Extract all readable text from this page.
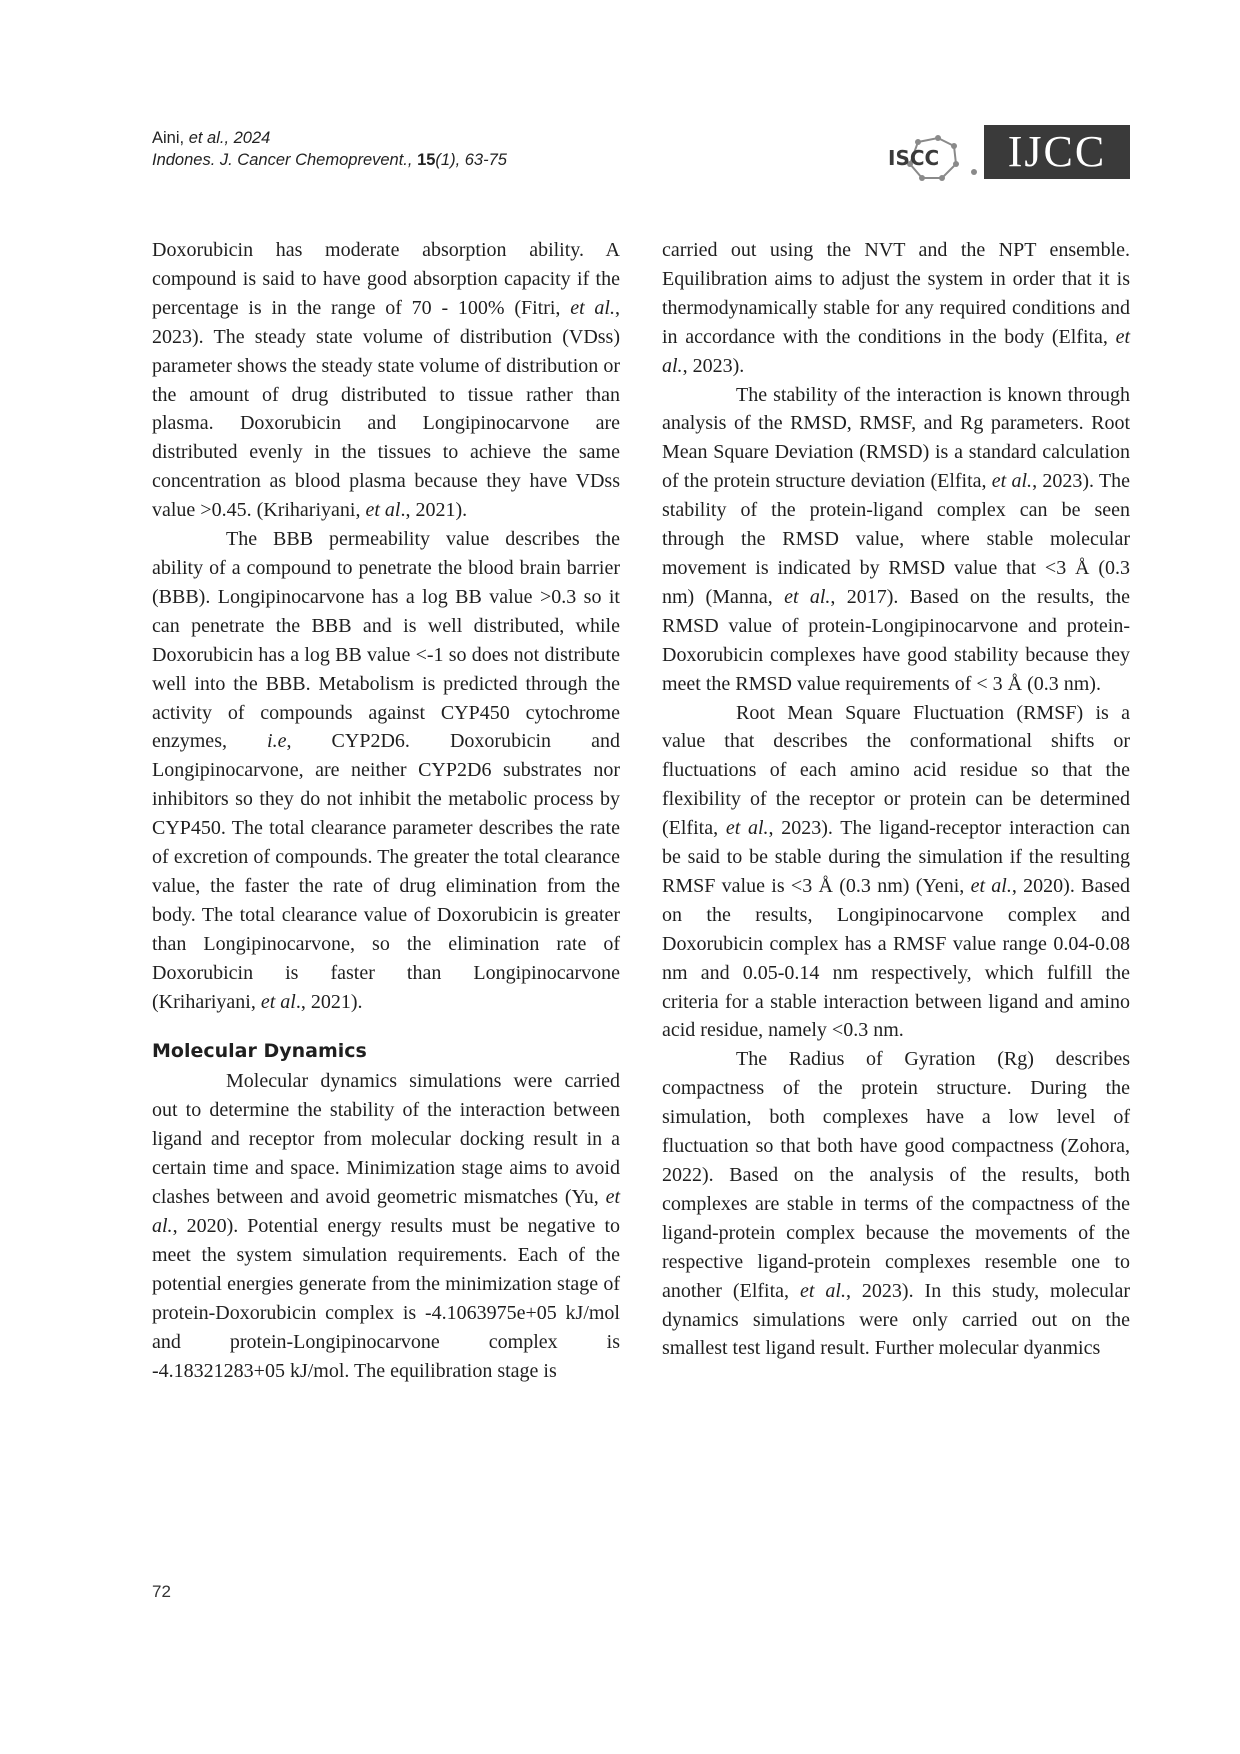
Aini, et al., 2024
Indones. J. Cancer Chemoprevent., 15(1), 63-75	ISCC	IJCC

Doxorubicin has moderate absorption ability. A compound is said to have good absorption capacity if the percentage is in the range of 70 - 100% (Fitri, et al., 2023). The steady state volume of distribution (VDss) parameter shows the steady state volume of distribution or the amount of drug distributed to tissue rather than plasma. Doxorubicin and Longipinocarvone are distributed evenly in the tissues to achieve the same concentration as blood plasma because they have VDss value >0.45. (Krihariyani, et al., 2021).

The BBB permeability value describes the ability of a compound to penetrate the blood brain barrier (BBB). Longipinocarvone has a log BB value >0.3 so it can penetrate the BBB and is well distributed, while Doxorubicin has a log BB value <-1 so does not distribute well into the BBB. Metabolism is predicted through the activity of compounds against CYP450 cytochrome enzymes, i.e, CYP2D6. Doxorubicin and Longipinocarvone, are neither CYP2D6 substrates nor inhibitors so they do not inhibit the metabolic process by CYP450. The total clearance parameter describes the rate of excretion of compounds. The greater the total clearance value, the faster the rate of drug elimination from the body. The total clearance value of Doxorubicin is greater than Longipinocarvone, so the elimination rate of Doxorubicin is faster than Longipinocarvone (Krihariyani, et al., 2021).

Molecular Dynamics

Molecular dynamics simulations were carried out to determine the stability of the interaction between ligand and receptor from molecular docking result in a certain time and space. Minimization stage aims to avoid clashes between and avoid geometric mismatches (Yu, et al., 2020). Potential energy results must be negative to meet the system simulation requirements. Each of the potential energies generate from the minimization stage of protein-Doxorubicin complex is -4.1063975e+05 kJ/mol and protein-Longipinocarvone complex is -4.18321283+05 kJ/mol. The equilibration stage is

carried out using the NVT and the NPT ensemble. Equilibration aims to adjust the system in order that it is thermodynamically stable for any required conditions and in accordance with the conditions in the body (Elfita, et al., 2023).

The stability of the interaction is known through analysis of the RMSD, RMSF, and Rg parameters. Root Mean Square Deviation (RMSD) is a standard calculation of the protein structure deviation (Elfita, et al., 2023). The stability of the protein-ligand complex can be seen through the RMSD value, where stable molecular movement is indicated by RMSD value that <3 Å (0.3 nm) (Manna, et al., 2017). Based on the results, the RMSD value of protein-Longipinocarvone and protein-Doxorubicin complexes have good stability because they meet the RMSD value requirements of < 3 Å (0.3 nm).

Root Mean Square Fluctuation (RMSF) is a value that describes the conformational shifts or fluctuations of each amino acid residue so that the flexibility of the receptor or protein can be determined (Elfita, et al., 2023). The ligand-receptor interaction can be said to be stable during the simulation if the resulting RMSF value is <3 Å (0.3 nm) (Yeni, et al., 2020). Based on the results, Longipinocarvone complex and Doxorubicin complex has a RMSF value range 0.04-0.08 nm and 0.05-0.14 nm respectively, which fulfill the criteria for a stable interaction between ligand and amino acid residue, namely <0.3 nm.

The Radius of Gyration (Rg) describes compactness of the protein structure. During the simulation, both complexes have a low level of fluctuation so that both have good compactness (Zohora, 2022). Based on the analysis of the results, both complexes are stable in terms of the compactness of the ligand-protein complex because the movements of the respective ligand-protein complexes resemble one to another (Elfita, et al., 2023). In this study, molecular dynamics simulations were only carried out on the smallest test ligand result. Further molecular dyanmics

72
